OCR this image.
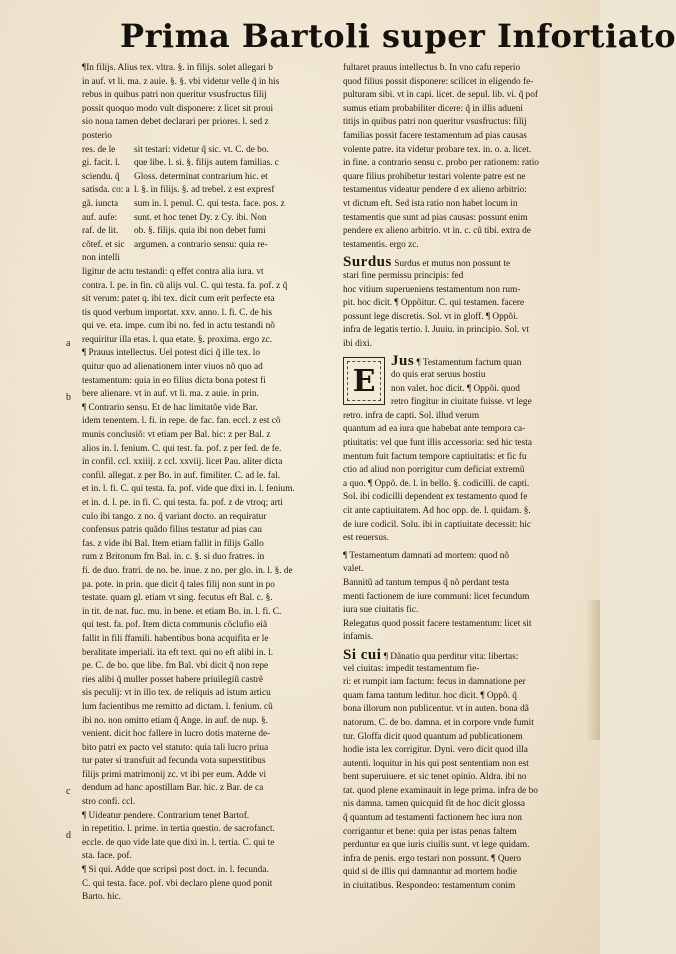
Prima Bartoli super Infortiato
a
b
c
d
¶In filijs. Alius tex. vltra. §. in filijs. solet allegari b
in auf. vt li. ma. z auie. §. §. vbi videtur velle q̃ in his
rebus in quibus patri non queritur vsusfructus filij
possit quoquo modo vult disponere: z licet sit proui
sio noua tamen debet declarari per priores. l. sed z
posterio
res. de le
gi. facit. l.
sciendu. q̃
satisda. co: a
gã. iuncta
auf. aufe:
raf. de lit.
cõtef. et sic
non intelli
sit testari: videtur q̃ sic. vt. C. de bo.
que libe. l. si. §. filijs autem familias. c
Gloss. determinat contrarium hic. et
l. §. in filijs. §. ad trebel. z est expresf
sum in. l. penul. C. qui testa. face. pos. z
sunt. et hoc tenet Dy. z Cy. ibi. Non
ob. §. filijs. quia ibi non debet fumi
argumen. a contrario sensu: quia re-
ligitur de actu testandi: q effet contra alia iura. vt
contra. l. pe. in fin. cũ alijs vul. C. qui testa. fa. pof. z q̃
sit verum: patet q. ibi tex. dicit cum erit perfecte eta
tis quod verbum importat. xxv. anno. l. fi. C. de his
qui ve. eta. impe. cum ibi no. fed in actu testandi nõ
requiritur illa etas. l. qua etate. §. proxima. ergo zc.
¶ Prauus intellectus. Uel potest dici q̃ ille tex. lo
quitur quo ad alienationem inter viuos nõ quo ad
testamentum: quia in eo filius dicta bona potest fi
bere alienare. vt in auf. vt li. ma. z auie. in prin.
¶ Contrario sensu. Et de hac limitatõe vide Bar.
idem tenentem. l. fi. in repe. de fac. fan. eccl. z est cõ
munis conclusiõ: vt etiam per Bal. hic: z per Bal. z
alios in. l. fenium. C. qui test. fa. pof. z per fed. de fe.
in confil. ccl. xxiiij. z ccl. xxviij. licet Pau. aliter dicta
confil. allegat. z per Bo. in auf. fimiliter. C. ad le. fal.
et in. l. fi. C. qui testa. fa. pof. vide que dixi in. l. fenium.
et in. d. l. pe. in fi. C. qui testa. fa. pof. z de vtroq; arti
culo ibi tango. z no. q̃ variant docto. an requiratur
confensus patris quãdo filius testatur ad pias cau
fas. z vide ibi Bal. Item etiam fallit in filijs Gallo
rum z Britonum fm Bal. in. c. §. si duo fratres. in
fi. de duo. fratri. de no. be. inue. z no. per glo. in. l. §. de
pa. pote. in prin. que dicit q̃ tales filij non sunt in po
testate. quam gl. etiam vt sing. fecutus eft Bal. c. §.
in tit. de nat. fuc. mu. in bene. et etiam Bo. in. l. fi. C.
qui test. fa. pof. Item dicta communis cõclufio eiã
fallit in fili ffamili. habentibus bona acquifita er le
beralitate imperiali. ita eft text. qui no eft alibi in. l.
pe. C. de bo. que libe. fm Bal. vbi dicit q̃ non repe
ries alibi q̃ muller posset habere priuilegiũ castrẽ
sis peculij: vt in illo tex. de reliquis ad istum articu
lum facientibus me remitto ad dictam. l. fenium. cũ
ibi no. non omitto etiam q̃ Ange. in auf. de nup. §.
venient. dicit hoc fallere in lucro dotis materne de-
bito patri ex pacto vel statuto: quia tali lucro priua
tur pater si transfuit ad fecunda vota superstitibus
filijs primi matrimonij zc. vt ibi per eum. Adde vi
dendum ad hanc apostillam Bar. hic. z Bar. de ca
stro confi. ccl.
¶ Uideatur pendere. Contrarium tenet Bartof.
in repetitio. l. prime. in tertia questio. de sacrofanct.
eccle. de quo vide late que dixi in. l. tertia. C. qui te
sta. face. pof.
¶ Si qui. Adde que scripsi post doct. in. l. fecunda.
C. qui testa. face. pof. vbi declaro plene quod ponit
Barto. hic.
fultaret prauus intellectus b. In vno cafu reperio
quod filius possit disponere: scilicet in eligendo fe-
pulturam sibi. vt in capi. licet. de sepul. lib. vi. q̃ pof
sumus etiam probabiliter dicere: q̃ in illis adueni
titijs in quibus patri non queritur vsusfructus: filij
familias possit facere testamentum ad pias causas
volente patre. ita videtur probare tex. in. o. a. licet.
in fine. a contrario sensu c. probo per rationem: ratio
quare filius prohibetur testari volente patre est ne
testamentus videatur pendere d ex alieno arbitrio:
vt dictum eft. Sed ista ratio non habet locum in
testamentis que sunt ad pias causas: possunt enim
pendere ex alieno arbitrio. vt in. c. cũ tibi. extra de
testamentis. ergo zc.
Surdus Surdus et mutus non possunt te
stari fine permissu principis: fed
hoc vitium superueniens testamentum non rum-
pit. hoc dicit. ¶ Oppõitur. C. qui testamen. facere
possunt lege discretis. Sol. vt in gloff. ¶ Oppõi.
infra de legatis tertio. l. Juuiu. in principio. Sol. vt
ibi dixi.
E
Jus ¶ Testamentum factum quan
do quis erat seruus hostiu
non valet. hoc dicit. ¶ Oppõi. quod
retro fingitur in ciuitate fuisse. vt lege
retro. infra de capti. Sol. illud verum
quantum ad ea iura que habebat ante tempora ca-
ptiuitatis: vel que funt illis accessoria: sed hic testa
mentum fuit factum tempore captiuitatis: et fic fu
ctio ad aliud non porrigitur cum deficiat extremũ
a quo. ¶ Oppõ. de. l. in bello. §. codicilli. de capti.
Sol. ibi codicilli dependent ex testamento quod fe
cit ante captiuitatem. Ad hoc opp. de. l. quidam. §.
de iure codicil. Solu. ibi in captiuitate decessit: hic
est reuersus.
¶ Testamentum damnati ad mortem: quod nõ
valet.
Bannitũ ad tantum tempus q̃ nõ perdant testa
menti factionem de iure communi: licet fecundum
iura sue ciuitatis fic.
Relegatus quod possit facere testamentum: licet sit
infamis.
Si cui ¶ Dãnatio qua perditur vita: libertas:
vel ciuitas: impedit testamentum fie-
ri: et rumpit iam factum: fecus in damnatione per
quam fama tantum leditur. hoc dicit. ¶ Oppõ. q̃
bona illorum non publicentur. vt in auten. bona dã
natorum. C. de bo. damna. et in corpore vnde fumit
tur. Gloffa dicit quod quantum ad publicationem
hodie ista lex corrigitur. Dyni. vero dicit quod illa
autenti. loquitur in his qui post sententiam non est
bent superuiuere. et sic tenet opinio. Aldra. ibi no
tat. quod plene examinauit in lege prima. infra de bo
nis damna. tamen quicquid fit de hoc dicit glossa
q̃ quantum ad testamenti factionem hec iura non
corrigantur et bene: quia per istas penas faltem
perduntur ea que iuris ciuilis sunt. vt lege quidam.
infra de penis. ergo testari non possunt. ¶ Quero
quid si de illis qui damnantur ad mortem hodie
in ciuitatibus. Respondeo: testamentum conim
